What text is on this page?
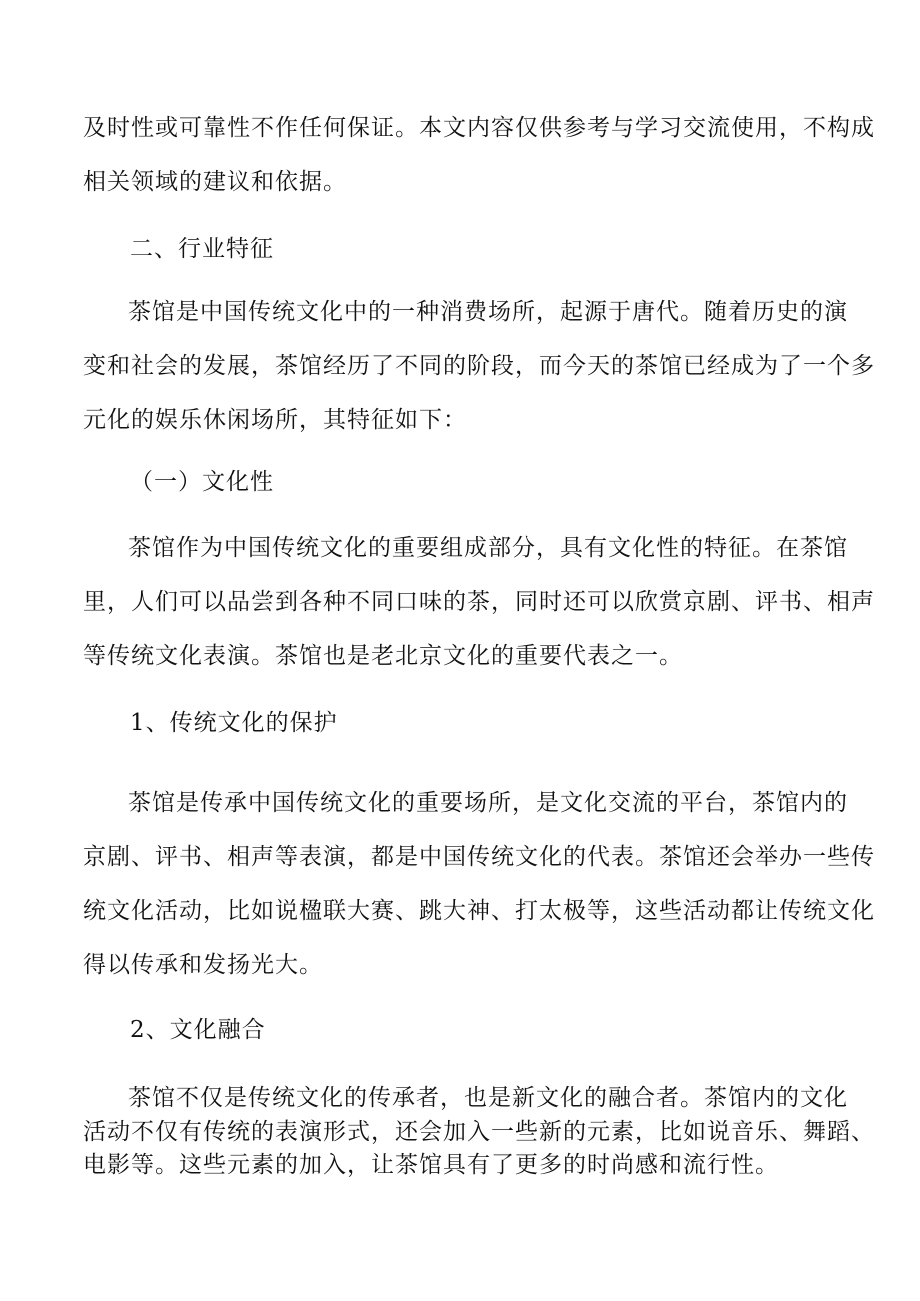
及时性或可靠性不作任何保证。本文内容仅供参考与学习交流使用，不构成
相关领域的建议和依据。
二、行业特征
茶馆是中国传统文化中的一种消费场所，起源于唐代。随着历史的演
变和社会的发展，茶馆经历了不同的阶段，而今天的茶馆已经成为了一个多
元化的娱乐休闲场所，其特征如下：
（一）文化性
茶馆作为中国传统文化的重要组成部分，具有文化性的特征。在茶馆
里，人们可以品尝到各种不同口味的茶，同时还可以欣赏京剧、评书、相声
等传统文化表演。茶馆也是老北京文化的重要代表之一。
1、传统文化的保护
茶馆是传承中国传统文化的重要场所，是文化交流的平台，茶馆内的
京剧、评书、相声等表演，都是中国传统文化的代表。茶馆还会举办一些传
统文化活动，比如说楹联大赛、跳大神、打太极等，这些活动都让传统文化
得以传承和发扬光大。
2、文化融合
茶馆不仅是传统文化的传承者，也是新文化的融合者。茶馆内的文化
活动不仅有传统的表演形式，还会加入一些新的元素，比如说音乐、舞蹈、
电影等。这些元素的加入，让茶馆具有了更多的时尚感和流行性。
